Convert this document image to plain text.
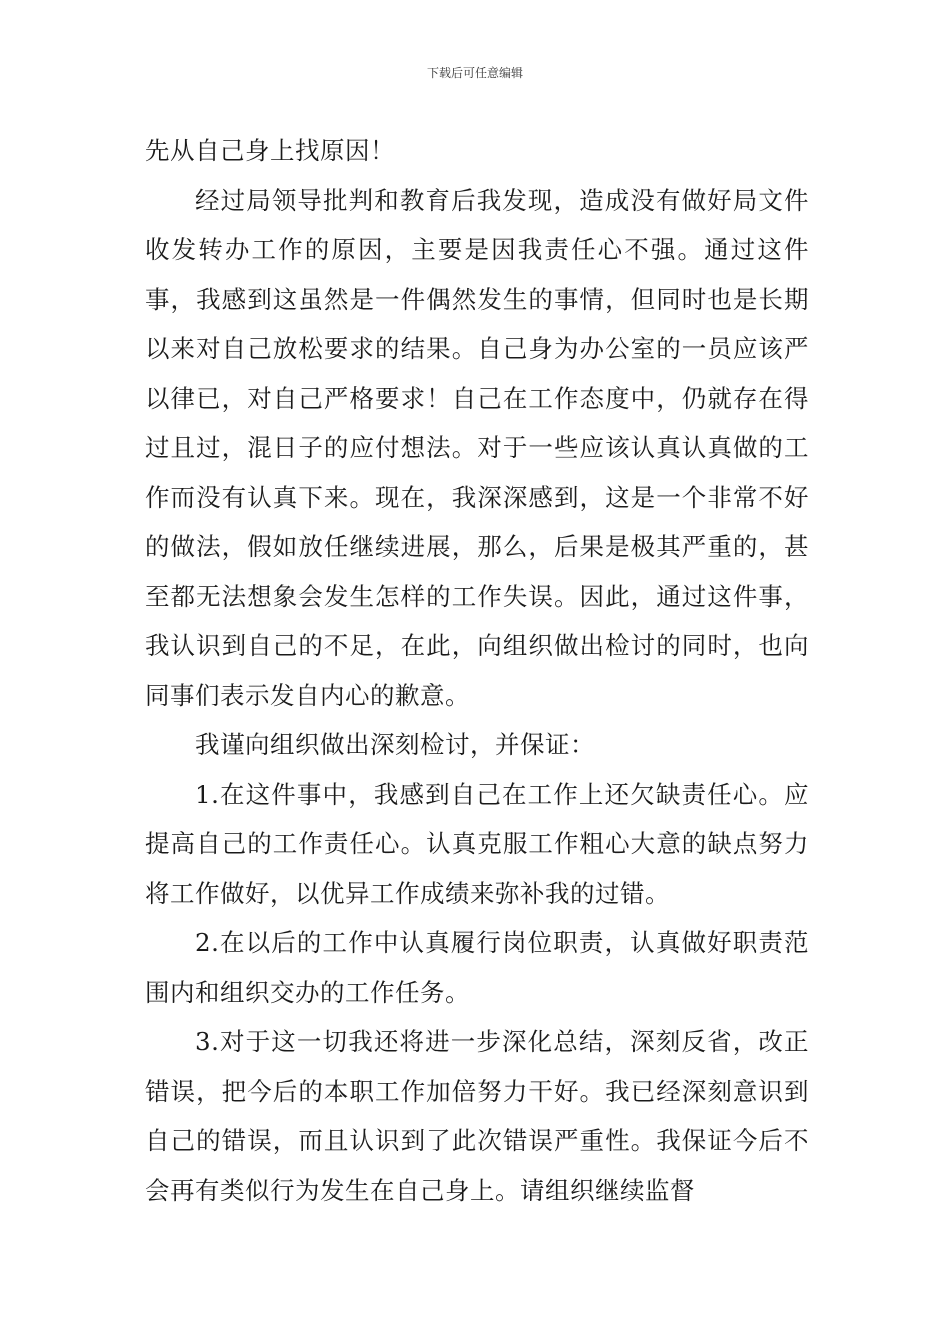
下载后可任意编辑

先从自己身上找原因！

经过局领导批判和教育后我发现，造成没有做好局文件收发转办工作的原因，主要是因我责任心不强。通过这件事，我感到这虽然是一件偶然发生的事情，但同时也是长期以来对自己放松要求的结果。自己身为办公室的一员应该严以律已，对自己严格要求！自己在工作态度中，仍就存在得过且过，混日子的应付想法。对于一些应该认真认真做的工作而没有认真下来。现在，我深深感到，这是一个非常不好的做法，假如放任继续进展，那么，后果是极其严重的，甚至都无法想象会发生怎样的工作失误。因此，通过这件事，我认识到自己的不足，在此，向组织做出检讨的同时，也向同事们表示发自内心的歉意。

我谨向组织做出深刻检讨，并保证：

1.在这件事中，我感到自己在工作上还欠缺责任心。应提高自己的工作责任心。认真克服工作粗心大意的缺点努力将工作做好，以优异工作成绩来弥补我的过错。

2.在以后的工作中认真履行岗位职责，认真做好职责范围内和组织交办的工作任务。

3.对于这一切我还将进一步深化总结，深刻反省，改正错误，把今后的本职工作加倍努力干好。我已经深刻意识到自己的错误，而且认识到了此次错误严重性。我保证今后不会再有类似行为发生在自己身上。请组织继续监督
